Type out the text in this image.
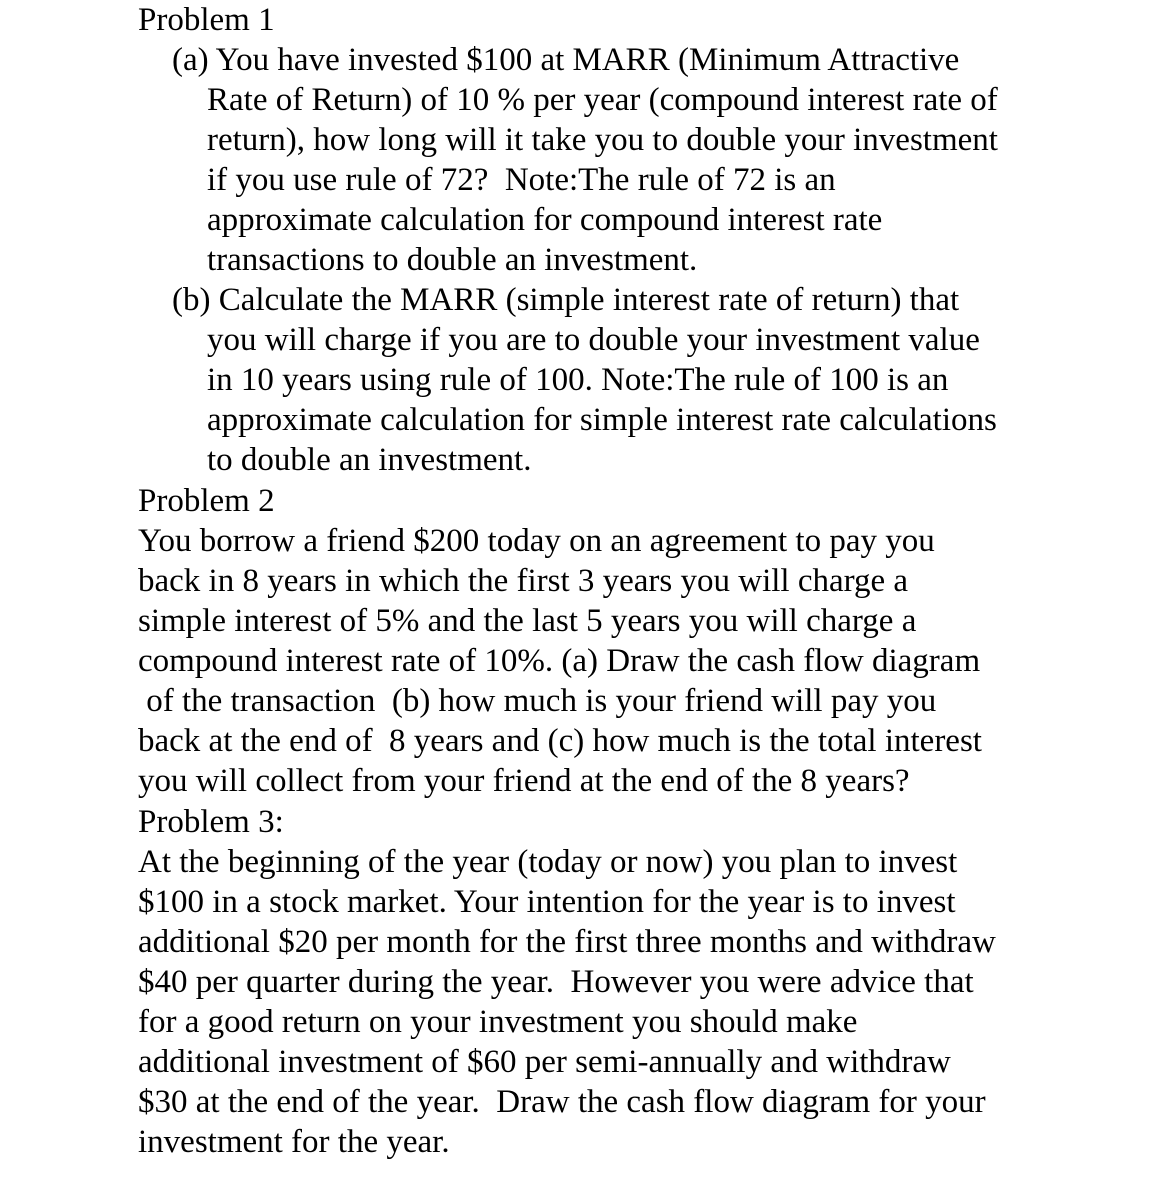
Problem 1
(a) You have invested $100 at MARR (Minimum Attractive
Rate of Return) of 10 % per year (compound interest rate of
return), how long will it take you to double your investment
if you use rule of 72?  Note:The rule of 72 is an
approximate calculation for compound interest rate
transactions to double an investment.
(b) Calculate the MARR (simple interest rate of return) that
you will charge if you are to double your investment value
in 10 years using rule of 100. Note:The rule of 100 is an
approximate calculation for simple interest rate calculations
to double an investment.
Problem 2
You borrow a friend $200 today on an agreement to pay you
back in 8 years in which the first 3 years you will charge a
simple interest of 5% and the last 5 years you will charge a
compound interest rate of 10%. (a) Draw the cash flow diagram
of the transaction  (b) how much is your friend will pay you
back at the end of  8 years and (c) how much is the total interest
you will collect from your friend at the end of the 8 years?
Problem 3:
At the beginning of the year (today or now) you plan to invest
$100 in a stock market. Your intention for the year is to invest
additional $20 per month for the first three months and withdraw
$40 per quarter during the year.  However you were advice that
for a good return on your investment you should make
additional investment of $60 per semi-annually and withdraw
$30 at the end of the year.  Draw the cash flow diagram for your
investment for the year.
